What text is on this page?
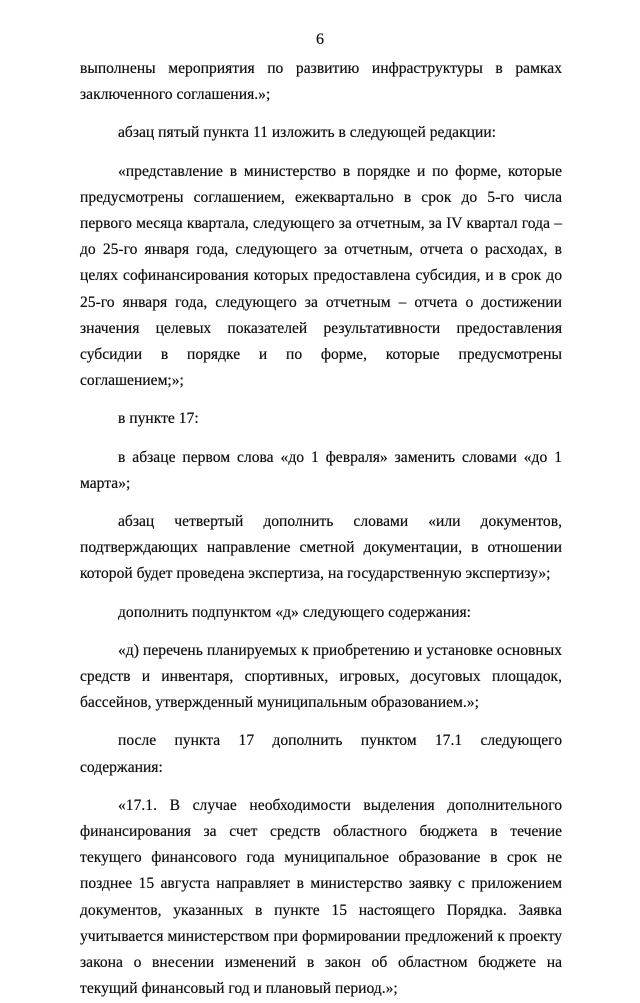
6

выполнены мероприятия по развитию инфраструктуры в рамках заключенного соглашения.»;

абзац пятый пункта 11 изложить в следующей редакции:

«представление в министерство в порядке и по форме, которые предусмотрены соглашением, ежеквартально в срок до 5-го числа первого месяца квартала, следующего за отчетным, за IV квартал года – до 25-го января года, следующего за отчетным, отчета о расходах, в целях софинансирования которых предоставлена субсидия, и в срок до 25-го января года, следующего за отчетным – отчета о достижении значения целевых показателей результативности предоставления субсидии в порядке и по форме, которые предусмотрены соглашением;»;

в пункте 17:

в абзаце первом слова «до 1 февраля» заменить словами «до 1 марта»;

абзац четвертый дополнить словами «или документов, подтверждающих направление сметной документации, в отношении которой будет проведена экспертиза, на государственную экспертизу»;

дополнить подпунктом «д» следующего содержания:

«д) перечень планируемых к приобретению и установке основных средств и инвентаря, спортивных, игровых, досуговых площадок, бассейнов, утвержденный муниципальным образованием.»;

после пункта 17 дополнить пунктом 17.1 следующего содержания:

«17.1. В случае необходимости выделения дополнительного финансирования за счет средств областного бюджета в течение текущего финансового года муниципальное образование в срок не позднее 15 августа направляет в министерство заявку с приложением документов, указанных в пункте 15 настоящего Порядка. Заявка учитывается министерством при формировании предложений к проекту закона о внесении изменений в закон об областном бюджете на текущий финансовый год и плановый период.»;
